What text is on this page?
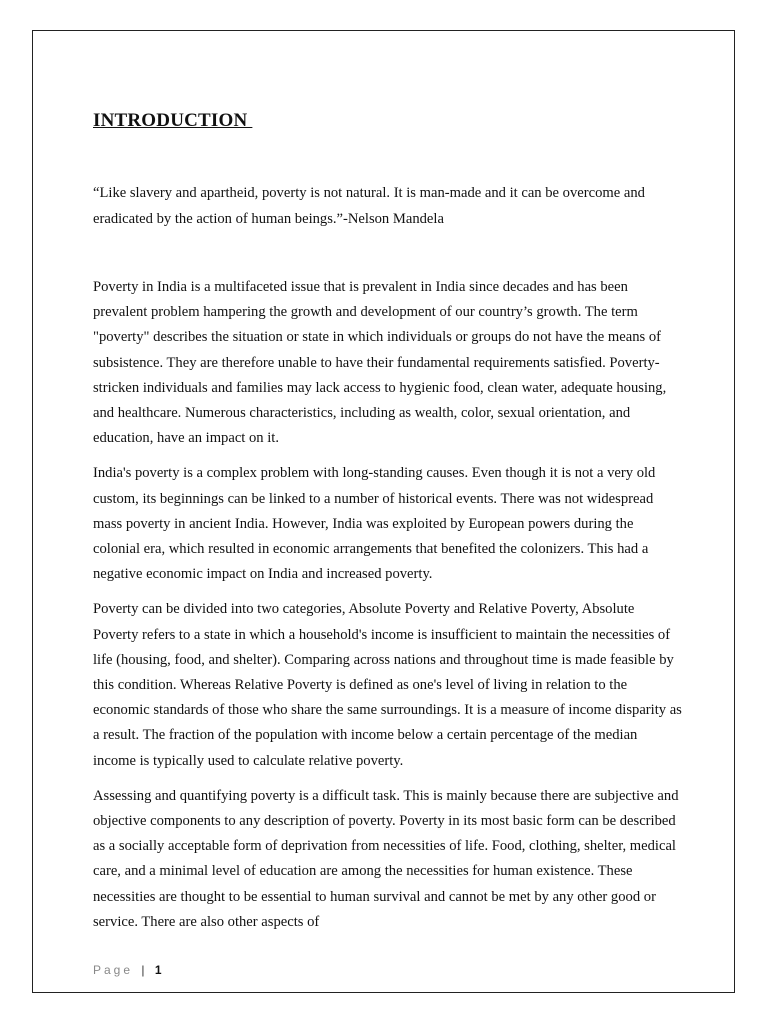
INTRODUCTION

“Like slavery and apartheid, poverty is not natural. It is man-made and it can be overcome and eradicated by the action of human beings.”-Nelson Mandela

Poverty in India is a multifaceted issue that is prevalent in India since decades and has been prevalent problem hampering the growth and development of our country’s growth. The term "poverty" describes the situation or state in which individuals or groups do not have the means of subsistence. They are therefore unable to have their fundamental requirements satisfied. Poverty-stricken individuals and families may lack access to hygienic food, clean water, adequate housing, and healthcare. Numerous characteristics, including as wealth, color, sexual orientation, and education, have an impact on it.

India's poverty is a complex problem with long-standing causes. Even though it is not a very old custom, its beginnings can be linked to a number of historical events. There was not widespread mass poverty in ancient India. However, India was exploited by European powers during the colonial era, which resulted in economic arrangements that benefited the colonizers. This had a negative economic impact on India and increased poverty.

Poverty can be divided into two categories, Absolute Poverty and Relative Poverty, Absolute Poverty refers to a state in which a household's income is insufficient to maintain the necessities of life (housing, food, and shelter). Comparing across nations and throughout time is made feasible by this condition. Whereas Relative Poverty is defined as one's level of living in relation to the economic standards of those who share the same surroundings. It is a measure of income disparity as a result. The fraction of the population with income below a certain percentage of the median income is typically used to calculate relative poverty.

Assessing and quantifying poverty is a difficult task. This is mainly because there are subjective and objective components to any description of poverty. Poverty in its most basic form can be described as a socially acceptable form of deprivation from necessities of life. Food, clothing, shelter, medical care, and a minimal level of education are among the necessities for human existence. These necessities are thought to be essential to human survival and cannot be met by any other good or service. There are also other aspects of

Page | 1
